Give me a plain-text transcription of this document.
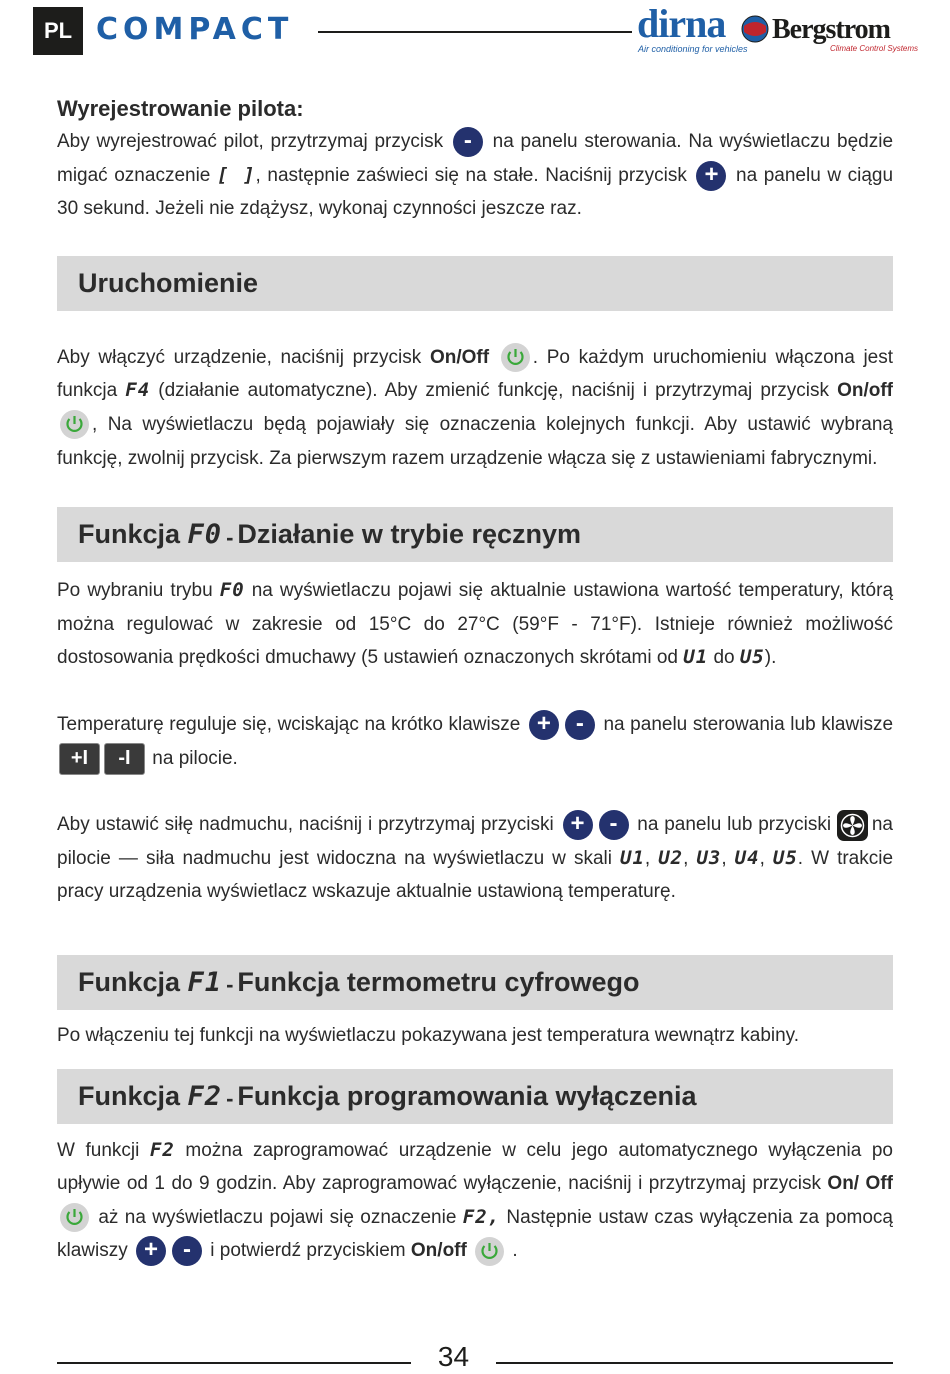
PL COMPACT	dirna
Air conditioning for vehicles
Bergstrom
Climate Control Systems
Wyrejestrowanie pilota:

Aby wyrejestrować pilot, przytrzymaj przycisk - na panelu sterowania. Na wyświetlaczu będzie migać oznaczenie [ ], następnie zaświeci się na stałe. Naciśnij przycisk + na panelu w ciągu 30 sekund. Jeżeli nie zdążysz, wykonaj czynności jeszcze raz.

Uruchomienie

Aby włączyć urządzenie, naciśnij przycisk On/Off . Po każdym uruchomieniu włączona jest funkcja F4 (działanie automatyczne). Aby zmienić funkcję, naciśnij i przytrzymaj przycisk On/off
, Na wyświetlaczu będą pojawiały się oznaczenia kolejnych funkcji. Aby ustawić wybraną funkcję, zwolnij przycisk. Za pierwszym razem urządzenie włącza się z ustawieniami fabrycznymi.

Funkcja
F0 - Działanie w trybie ręcznym

Po wybraniu trybu F0 na wyświetlaczu pojawi się aktualnie ustawiona wartość temperatury, którą można regulować w zakresie od 15°C do 27°C (59°F - 71°F). Istnieje również możliwość dostosowania prędkości dmuchawy (5 ustawień oznaczonych skrótami od U1 do U5).

Temperaturę reguluje się, wciskając na krótko klawisze + - na panelu sterowania lub klawisze +I -I na pilocie.

Aby ustawić siłę nadmuchu, naciśnij i przytrzymaj przyciski + - na panelu lub przyciski na pilocie — siła nadmuchu jest widoczna na wyświetlaczu w skali U1, U2, U3, U4, U5. W trakcie pracy urządzenia wyświetlacz wskazuje aktualnie ustawioną temperaturę.

Funkcja
F1 - Funkcja termometru cyfrowego

Po włączeniu tej funkcji na wyświetlaczu pokazywana jest temperatura wewnątrz kabiny.

Funkcja
F2 - Funkcja programowania wyłączenia

W funkcji F2 można zaprogramować urządzenie w celu jego automatycznego wyłączenia po upływie od 1 do 9 godzin. Aby zaprogramować wyłączenie, naciśnij i przytrzymaj przycisk On/ Off
aż na wyświetlaczu pojawi się oznaczenie F2, Następnie ustaw czas wyłączenia za pomocą klawiszy + - i potwierdź przyciskiem On/off .

34
